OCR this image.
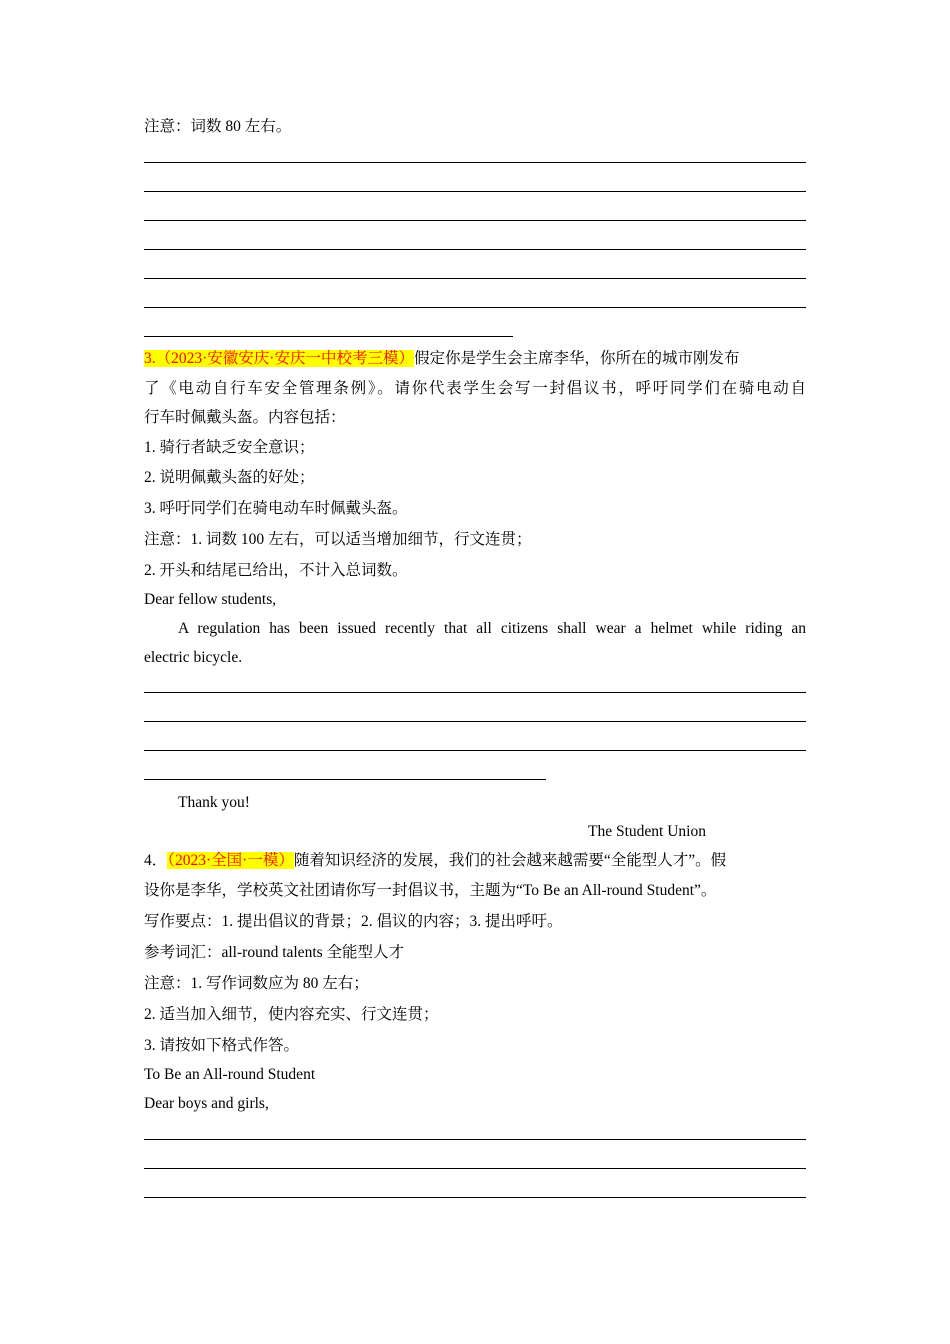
注意：词数 80 左右。
3.（2023·安徽安庆·安庆一中校考三模）假定你是学生会主席李华，你所在的城市刚发布
了《电动自行车安全管理条例》。请你代表学生会写一封倡议书，呼吁同学们在骑电动自
行车时佩戴头盔。内容包括：
1. 骑行者缺乏安全意识；
2. 说明佩戴头盔的好处；
3. 呼吁同学们在骑电动车时佩戴头盔。
注意：1. 词数 100 左右，可以适当增加细节，行文连贯；
2. 开头和结尾已给出，不计入总词数。
Dear fellow students,
A regulation has been issued recently that all citizens shall wear a helmet while riding an
electric bicycle.
Thank you!
The Student Union
4．（2023·全国·一模）随着知识经济的发展，我们的社会越来越需要“全能型人才”。假
设你是李华，学校英文社团请你写一封倡议书，主题为“To Be an All-round Student”。
写作要点：1. 提出倡议的背景；2. 倡议的内容；3. 提出呼吁。
参考词汇：all-round talents 全能型人才
注意：1. 写作词数应为 80 左右；
2. 适当加入细节，使内容充实、行文连贯；
3. 请按如下格式作答。
To Be an All-round Student
Dear boys and girls,
